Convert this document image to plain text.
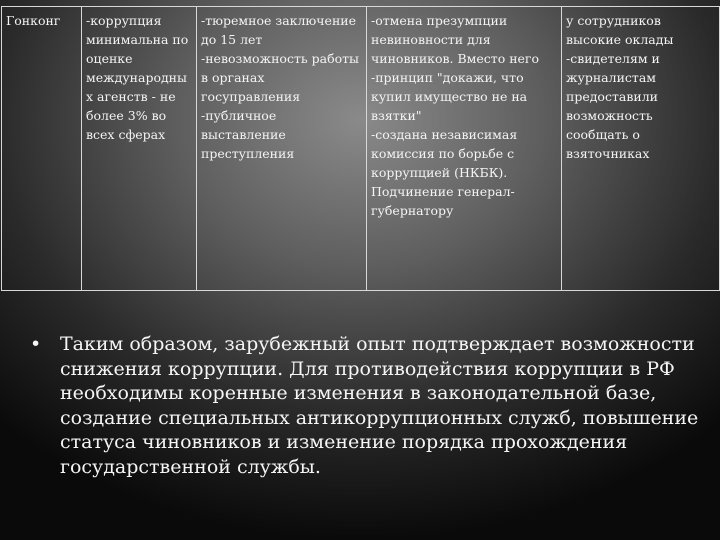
Гонконг	-коррупция минимальна по оценке международных агенств - не более 3% во всех сферах	-тюремное заключение до 15 лет
-невозможность работы в органах госуправления
-публичное выставление преступления	-отмена презумпции невиновности для чиновников. Вместо него -принцип "докажи, что купил имущество не на взятки"
-создана независимая комиссия по борьбе с коррупцией (НКБК). Подчинение генерал-губернатору	у сотрудников высокие оклады
-свидетелям и журналистам предоставили возможность сообщать о взяточниках
• Таким образом, зарубежный опыт подтверждает возможности снижения коррупции. Для противодействия коррупции в РФ необходимы коренные изменения в законодательной базе, создание специальных антикоррупционных служб, повышение статуса чиновников и изменение порядка прохождения государственной службы.
